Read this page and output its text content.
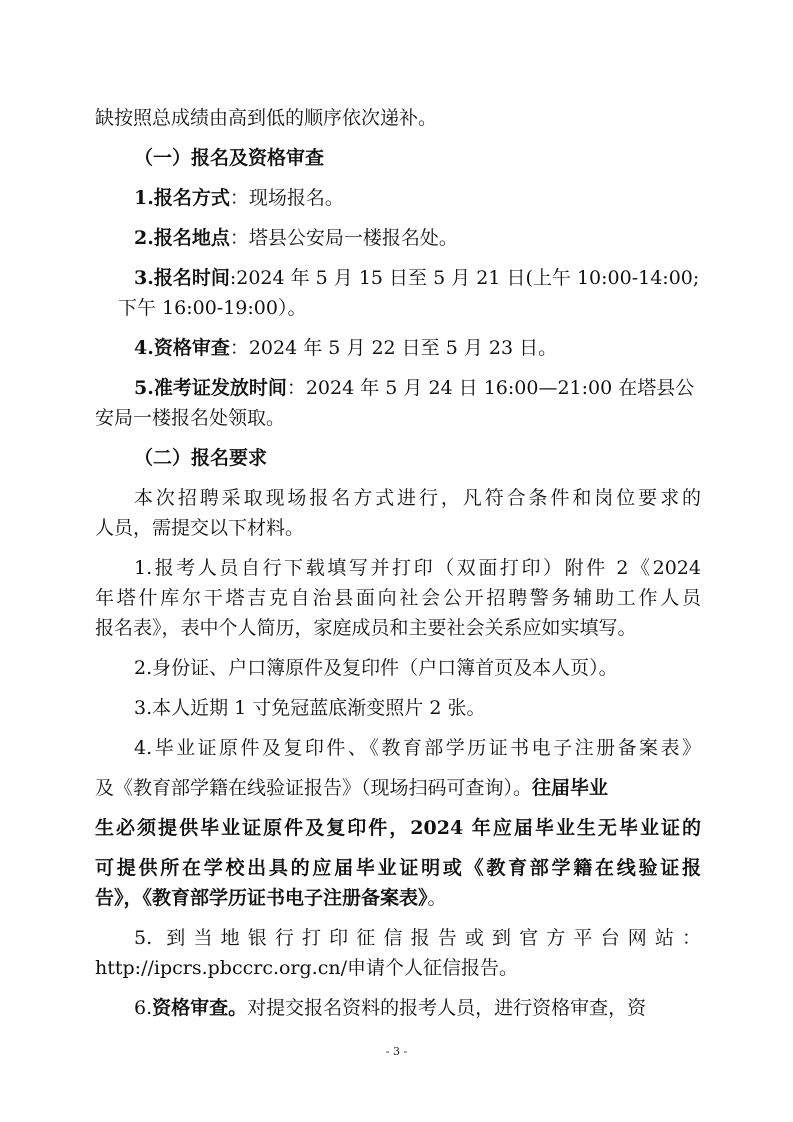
缺按照总成绩由高到低的顺序依次递补。
（一）报名及资格审查
1.报名方式：现场报名。
2.报名地点：塔县公安局一楼报名处。
3.报名时间:2024 年 5 月 15 日至 5 月 21 日(上午 10:00-14:00;
下午 16:00-19:00）。
4.资格审查：2024 年 5 月 22 日至 5 月 23 日。
5.准考证发放时间：2024 年 5 月 24 日 16:00—21:00 在塔县公
安局一楼报名处领取。
（二）报名要求
本次招聘采取现场报名方式进行，凡符合条件和岗位要求的
人员，需提交以下材料。
1.报考人员自行下载填写并打印（双面打印）附件 2《2024
年塔什库尔干塔吉克自治县面向社会公开招聘警务辅助工作人员
报名表》，表中个人简历，家庭成员和主要社会关系应如实填写。
2.身份证、户口簿原件及复印件（户口簿首页及本人页）。
3.本人近期 1 寸免冠蓝底渐变照片 2 张。
4.毕业证原件及复印件、《教育部学历证书电子注册备案表》
及《教育部学籍在线验证报告》（现场扫码可查询）。往届毕业
生必须提供毕业证原件及复印件，2024 年应届毕业生无毕业证的
可提供所在学校出具的应届毕业证明或《教育部学籍在线验证报
告》，《教育部学历证书电子注册备案表》。
5. 到当地银行打印征信报告或到官方平台网站：
http://ipcrs.pbccrc.org.cn/申请个人征信报告。
6.资格审查。对提交报名资料的报考人员，进行资格审查，资
- 3 -
